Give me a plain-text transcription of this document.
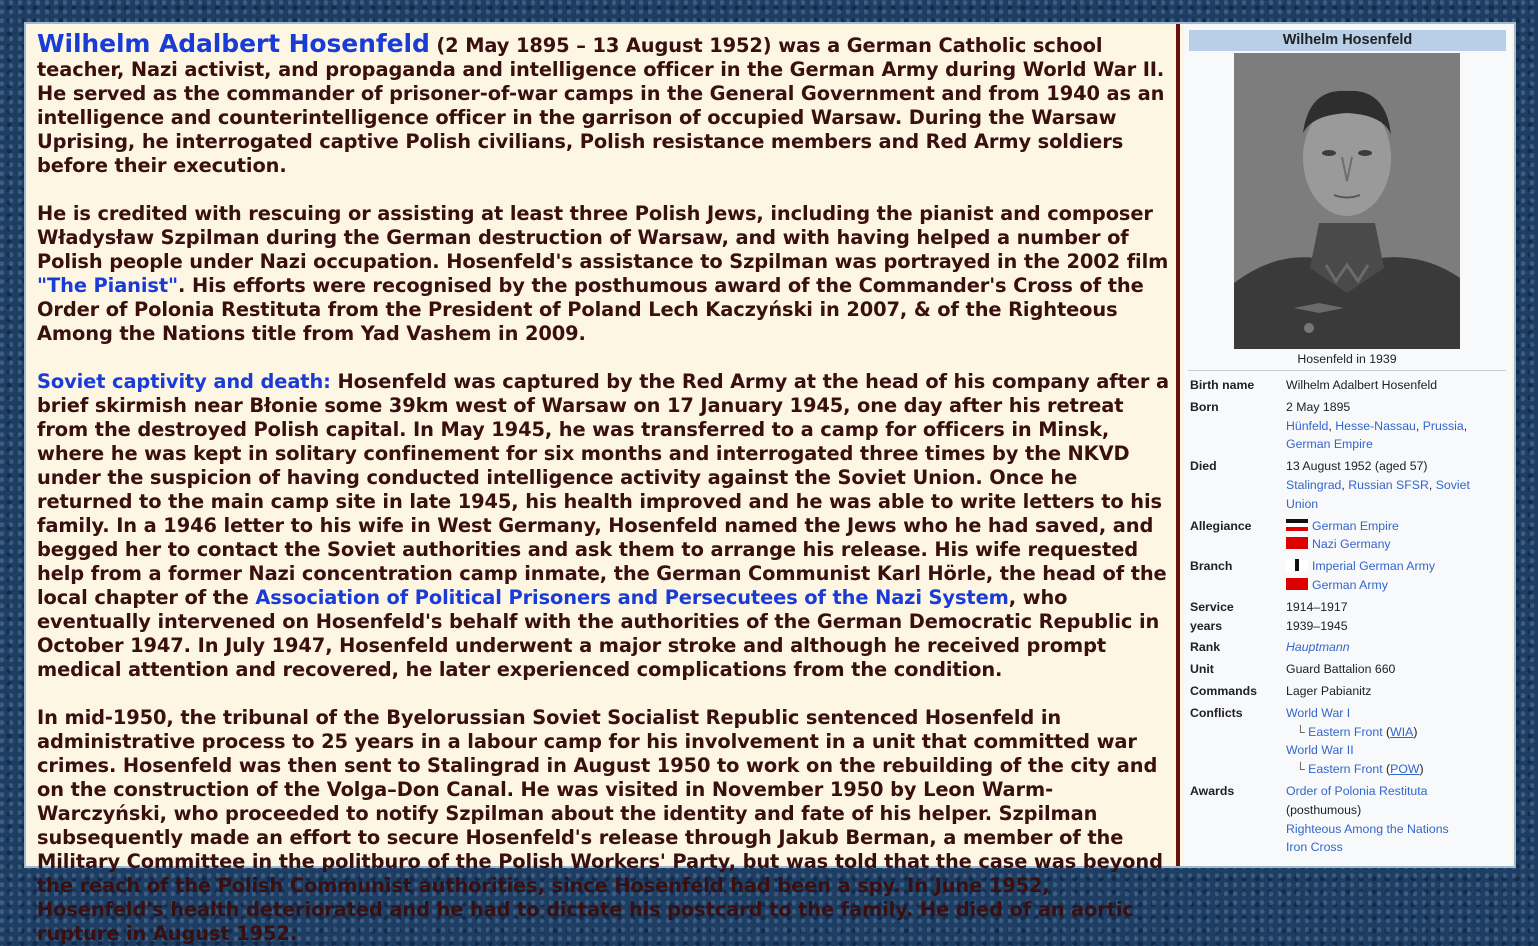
Wilhelm Adalbert Hosenfeld (2 May 1895 – 13 August 1952) was a German Catholic school teacher, Nazi activist, and propaganda and intelligence officer in the German Army during World War II. He served as the commander of prisoner-of-war camps in the General Government and from 1940 as an intelligence and counterintelligence officer in the garrison of occupied Warsaw. During the Warsaw Uprising, he interrogated captive Polish civilians, Polish resistance members and Red Army soldiers before their execution.

He is credited with rescuing or assisting at least three Polish Jews, including the pianist and composer Władysław Szpilman during the German destruction of Warsaw, and with having helped a number of Polish people under Nazi occupation. Hosenfeld's assistance to Szpilman was portrayed in the 2002 film "The Pianist". His efforts were recognised by the posthumous award of the Commander's Cross of the Order of Polonia Restituta from the President of Poland Lech Kaczyński in 2007, & of the Righteous Among the Nations title from Yad Vashem in 2009.

Soviet captivity and death: Hosenfeld was captured by the Red Army at the head of his company after a brief skirmish near Błonie some 39km west of Warsaw on 17 January 1945, one day after his retreat from the destroyed Polish capital. In May 1945, he was transferred to a camp for officers in Minsk, where he was kept in solitary confinement for six months and interrogated three times by the NKVD under the suspicion of having conducted intelligence activity against the Soviet Union. Once he returned to the main camp site in late 1945, his health improved and he was able to write letters to his family. In a 1946 letter to his wife in West Germany, Hosenfeld named the Jews who he had saved, and begged her to contact the Soviet authorities and ask them to arrange his release. His wife requested help from a former Nazi concentration camp inmate, the German Communist Karl Hörle, the head of the local chapter of the Association of Political Prisoners and Persecutees of the Nazi System, who eventually intervened on Hosenfeld's behalf with the authorities of the German Democratic Republic in October 1947. In July 1947, Hosenfeld underwent a major stroke and although he received prompt medical attention and recovered, he later experienced complications from the condition.

In mid-1950, the tribunal of the Byelorussian Soviet Socialist Republic sentenced Hosenfeld in administrative process to 25 years in a labour camp for his involvement in a unit that committed war crimes. Hosenfeld was then sent to Stalingrad in August 1950 to work on the rebuilding of the city and on the construction of the Volga–Don Canal. He was visited in November 1950 by Leon Warm-Warczyński, who proceeded to notify Szpilman about the identity and fate of his helper. Szpilman subsequently made an effort to secure Hosenfeld's release through Jakub Berman, a member of the Military Committee in the politburo of the Polish Workers' Party, but was told that the case was beyond the reach of the Polish Communist authorities, since Hosenfeld had been a spy. In June 1952, Hosenfeld's health deteriorated and he had to dictate his postcard to the family. He died of an aortic rupture in August 1952.

Wilhelm Hosenfeld
Hosenfeld in 1939
Birth name	Wilhelm Adalbert Hosenfeld
Born	2 May 1895
Hünfeld, Hesse-Nassau, Prussia,
German Empire
Died	13 August 1952 (aged 57)
Stalingrad, Russian SFSR, Soviet Union
Allegiance	German Empire
Nazi Germany
Branch	Imperial German Army
German Army
Service
years	1914–1917
1939–1945
Rank	Hauptmann
Unit	Guard Battalion 660
Commands	Lager Pabianitz
Conflicts	World War I
└ Eastern Front (WIA)
World War II
└ Eastern Front (POW)
Awards	Order of Polonia Restituta
(posthumous)
Righteous Among the Nations
Iron Cross
